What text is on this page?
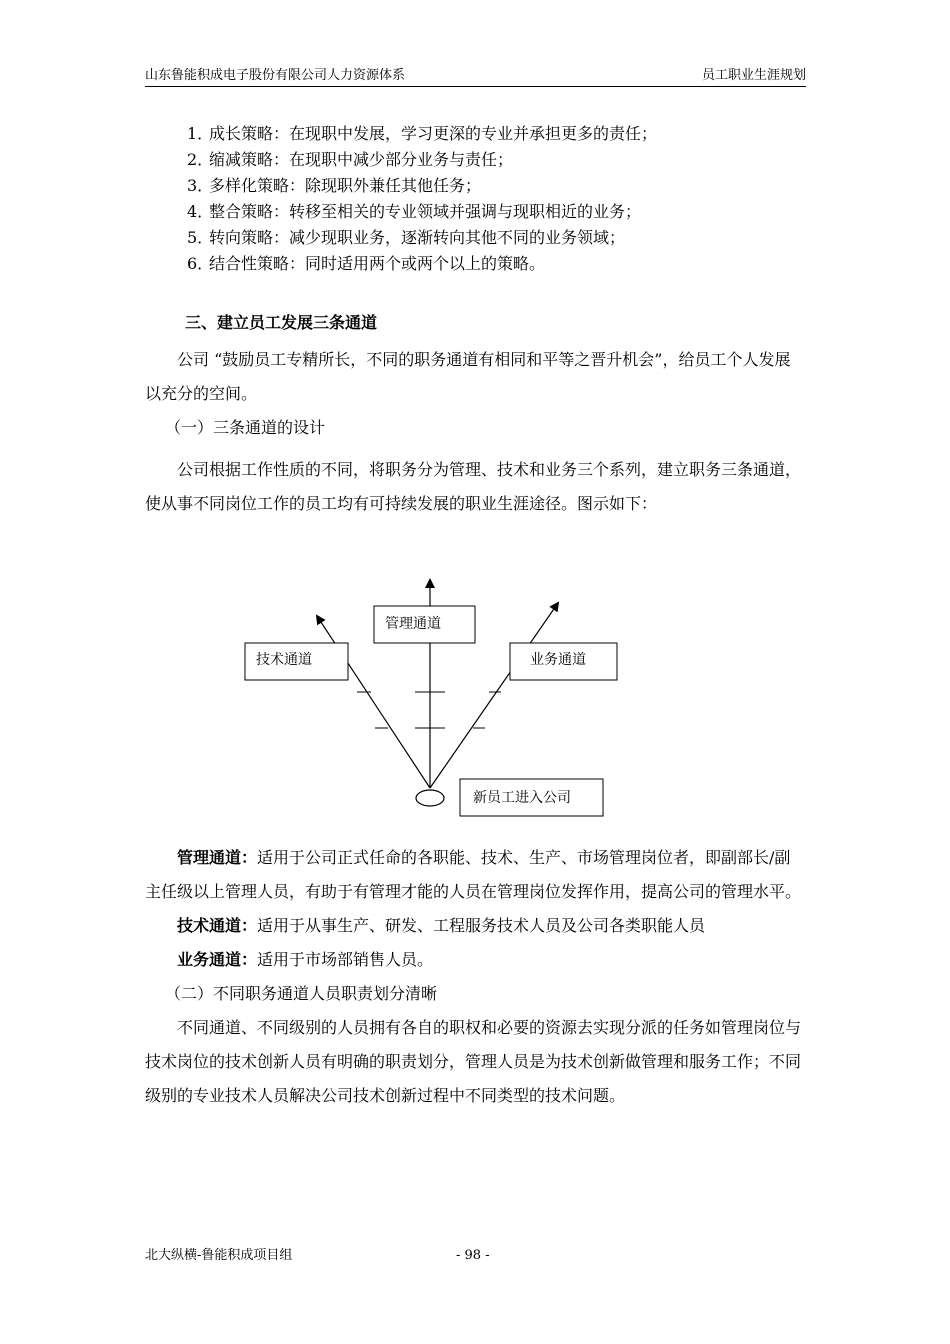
山东鲁能积成电子股份有限公司人力资源体系	员工职业生涯规划
1．成长策略：在现职中发展，学习更深的专业并承担更多的责任；
2．缩减策略：在现职中减少部分业务与责任；
3．多样化策略：除现职外兼任其他任务；
4．整合策略：转移至相关的专业领域并强调与现职相近的业务；
5．转向策略：减少现职业务，逐渐转向其他不同的业务领域；
6．结合性策略：同时适用两个或两个以上的策略。
三、建立员工发展三条通道

公司 “鼓励员工专精所长，不同的职务通道有相同和平等之晋升机会”，给员工个人发展以充分的空间。

（一）三条通道的设计

公司根据工作性质的不同，将职务分为管理、技术和业务三个系列，建立职务三条通道，使从事不同岗位工作的员工均有可持续发展的职业生涯途径。图示如下：

管理通道
技术通道	业务通道
新员工进入公司

管理通道：适用于公司正式任命的各职能、技术、生产、市场管理岗位者，即副部长/副主任级以上管理人员，有助于有管理才能的人员在管理岗位发挥作用，提高公司的管理水平。

技术通道：适用于从事生产、研发、工程服务技术人员及公司各类职能人员

业务通道：适用于市场部销售人员。

（二）不同职务通道人员职责划分清晰

不同通道、不同级别的人员拥有各自的职权和必要的资源去实现分派的任务如管理岗位与技术岗位的技术创新人员有明确的职责划分，管理人员是为技术创新做管理和服务工作；不同级别的专业技术人员解决公司技术创新过程中不同类型的技术问题。

北大纵横-鲁能积成项目组	- 98 -
